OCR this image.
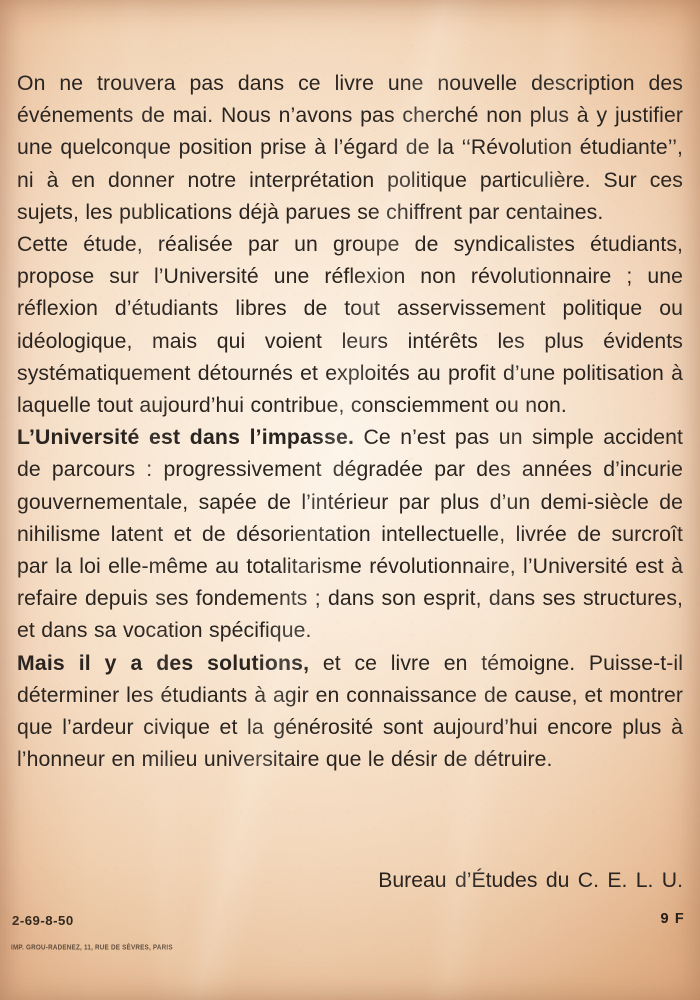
On ne trouvera pas dans ce livre une nouvelle description des événements de mai. Nous n’avons pas cherché non plus à y justifier une quelconque position prise à l’égard de la ‘‘Révolution étudiante’’, ni à en donner notre interprétation politique particulière. Sur ces sujets, les publications déjà parues se chiffrent par centaines.

Cette étude, réalisée par un groupe de syndicalistes étudiants, propose sur l’Université une réflexion non révolutionnaire ; une réflexion d’étudiants libres de tout asservissement politique ou idéologique, mais qui voient leurs intérêts les plus évidents systématiquement détournés et exploités au profit d’une politisation à laquelle tout aujourd’hui contribue, consciemment ou non.

L’Université est dans l’impasse. Ce n’est pas un simple accident de parcours : progressivement dégradée par des années d’incurie gouvernementale, sapée de l’intérieur par plus d’un demi-siècle de nihilisme latent et de désorientation intellectuelle, livrée de surcroît par la loi elle-même au totalitarisme révolutionnaire, l’Université est à refaire depuis ses fondements ; dans son esprit, dans ses structures, et dans sa vocation spécifique.

Mais il y a des solutions, et ce livre en témoigne. Puisse-t-il déterminer les étudiants à agir en connaissance de cause, et montrer que l’ardeur civique et la générosité sont aujourd’hui encore plus à l’honneur en milieu universitaire que le désir de détruire.

Bureau d’Études du C. E. L. U.
2-69-8-50	9 F
IMP. GROU-RADENEZ, 11, RUE DE SÈVRES, PARIS
